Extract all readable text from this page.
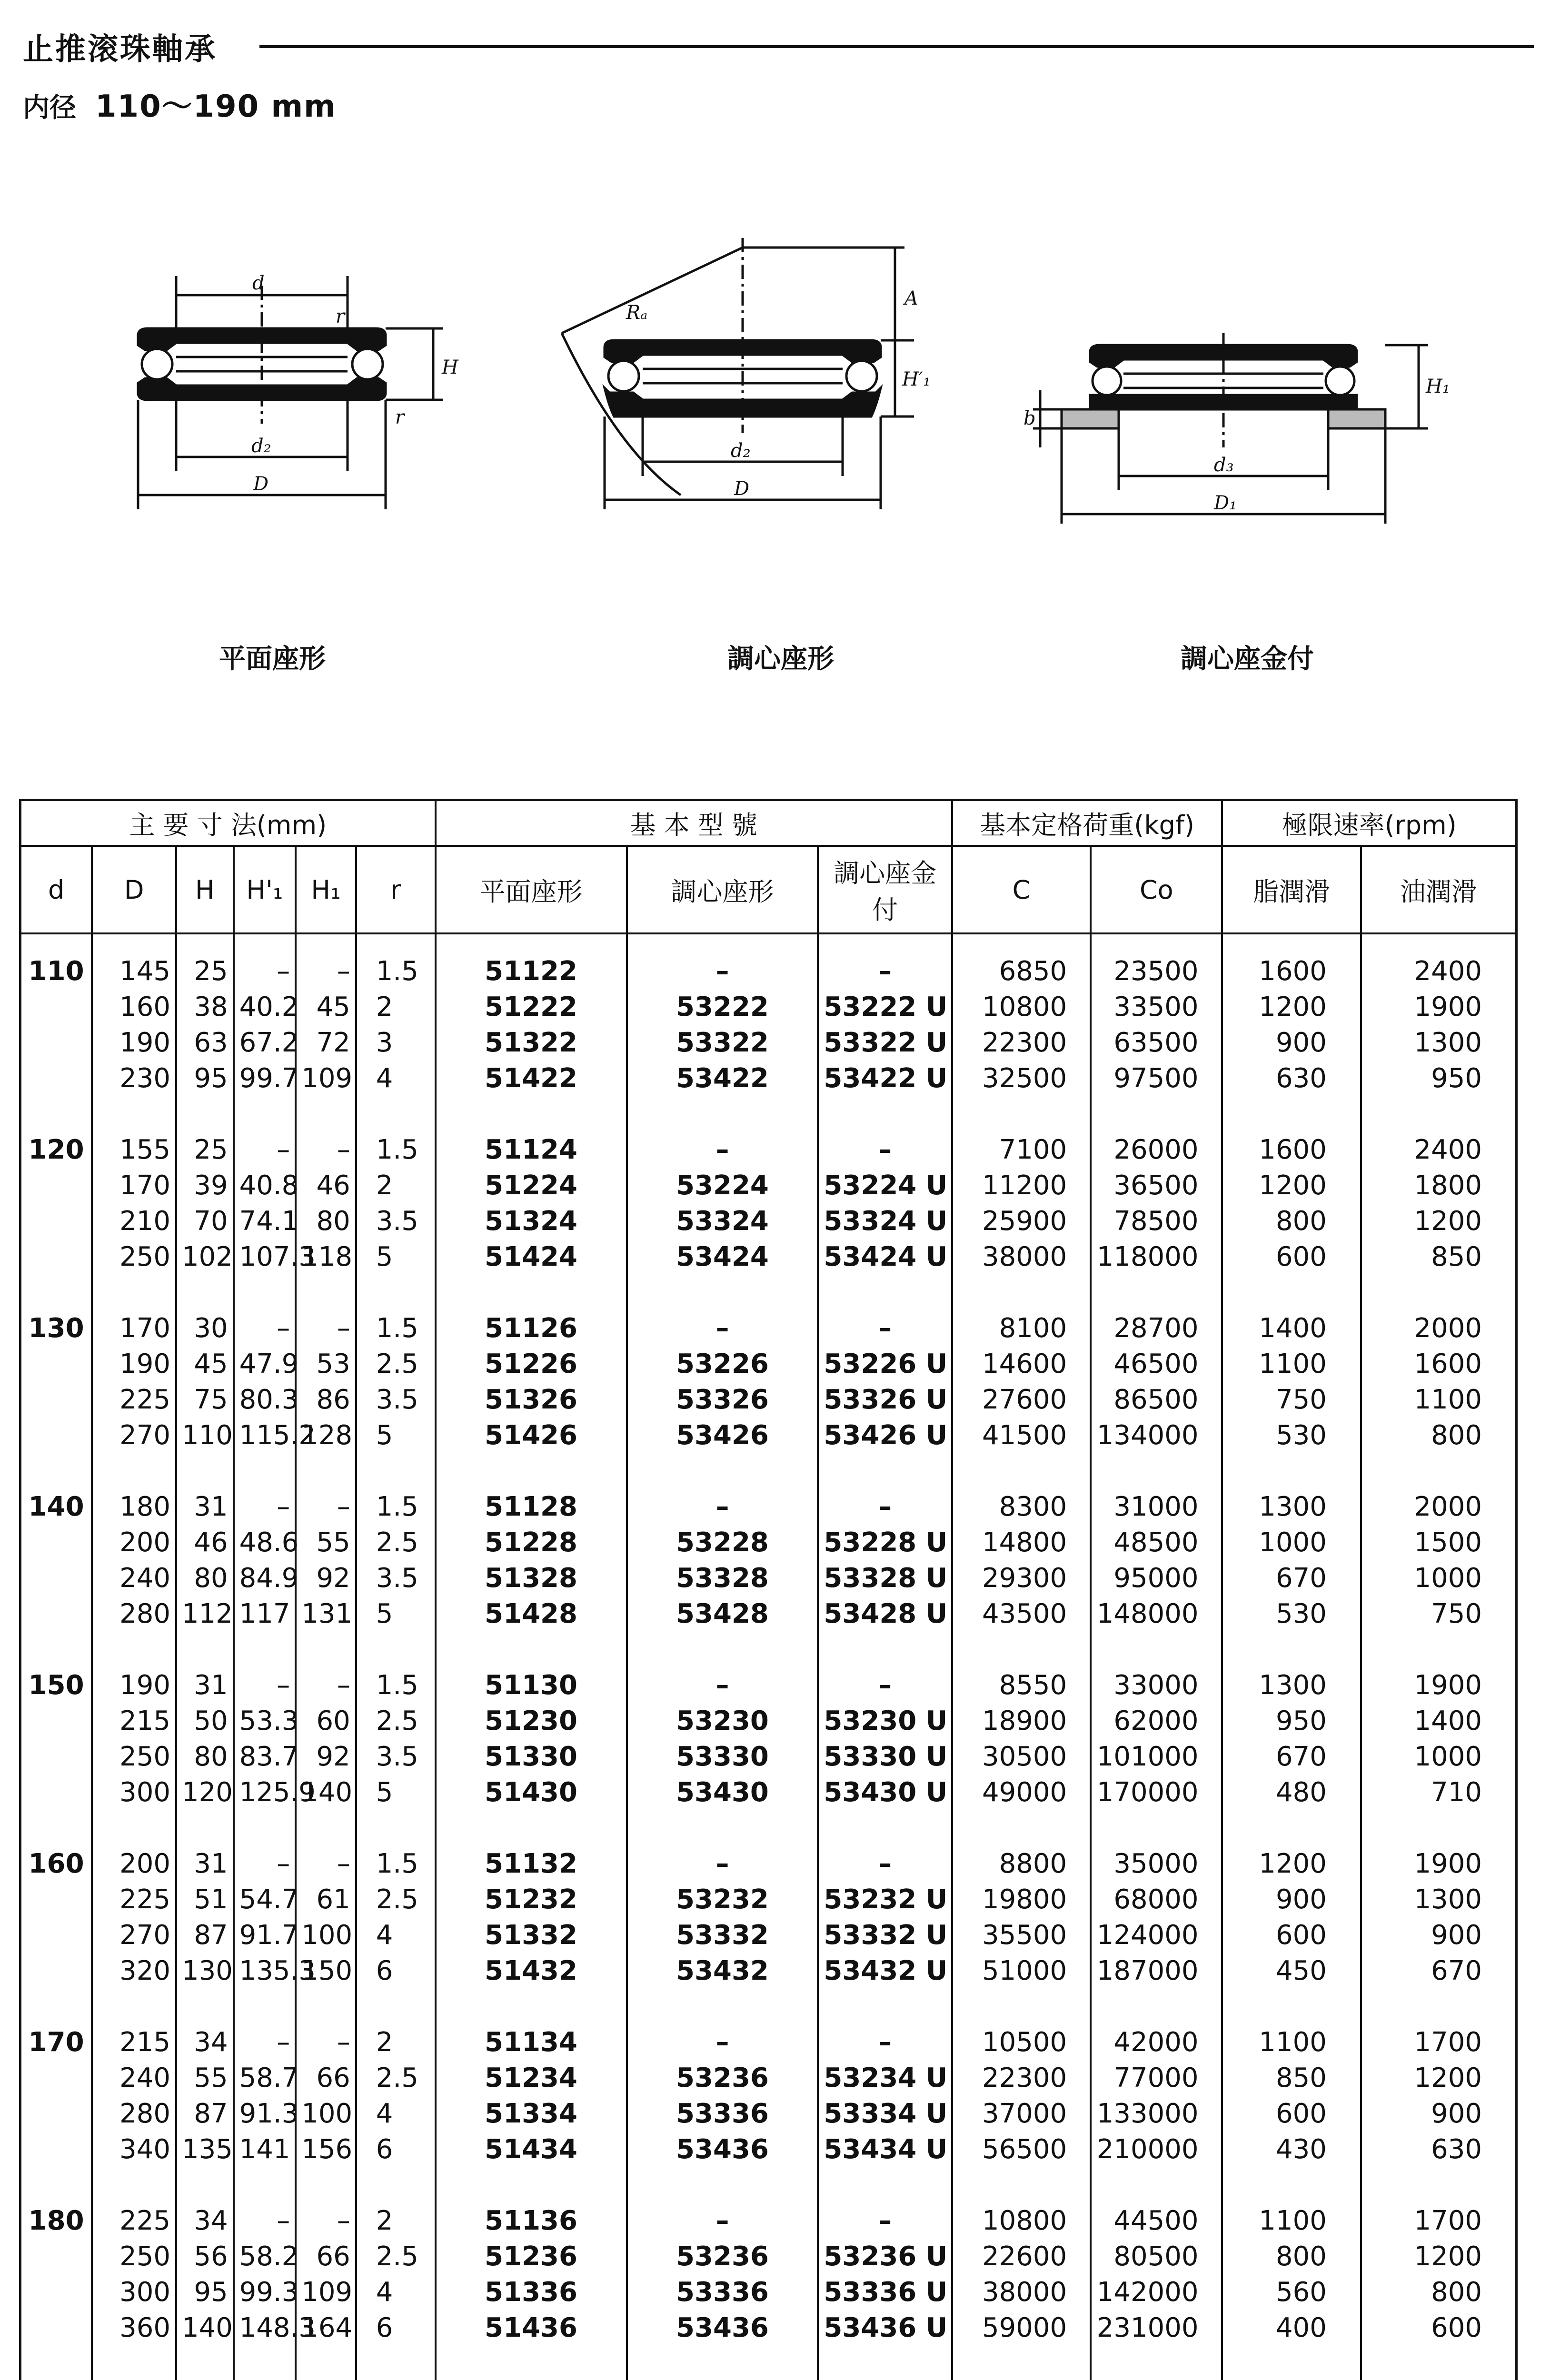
止推滚珠軸承
内径 110～190 mm
d
r
r
H
d₂
D
平面座形
Rₐ
A
H′₁
d₂
D
調心座形
b
H₁
d₃
D₁
調心座金付
主 要 寸 法(mm)						基 本 型 號			基本定格荷重(kgf)		極限速率(rpm)	
d	D	H	H'₁	H₁	r	平面座形	調心座形	調心座金付	C	Co	脂潤滑	油潤滑

110	145	25	–	–	1.5	51122	–	–	6850	23500	1600	2400
	160	38	40.2	45	2	51222	53222	53222 U	10800	33500	1200	1900
	190	63	67.2	72	3	51322	53322	53322 U	22300	63500	900	1300
	230	95	99.7	109	4	51422	53422	53422 U	32500	97500	630	950

120	155	25	–	–	1.5	51124	–	–	7100	26000	1600	2400
	170	39	40.8	46	2	51224	53224	53224 U	11200	36500	1200	1800
	210	70	74.1	80	3.5	51324	53324	53324 U	25900	78500	800	1200
	250	102	107.3	118	5	51424	53424	53424 U	38000	118000	600	850

130	170	30	–	–	1.5	51126	–	–	8100	28700	1400	2000
	190	45	47.9	53	2.5	51226	53226	53226 U	14600	46500	1100	1600
	225	75	80.3	86	3.5	51326	53326	53326 U	27600	86500	750	1100
	270	110	115.2	128	5	51426	53426	53426 U	41500	134000	530	800

140	180	31	–	–	1.5	51128	–	–	8300	31000	1300	2000
	200	46	48.6	55	2.5	51228	53228	53228 U	14800	48500	1000	1500
	240	80	84.9	92	3.5	51328	53328	53328 U	29300	95000	670	1000
	280	112	117	131	5	51428	53428	53428 U	43500	148000	530	750

150	190	31	–	–	1.5	51130	–	–	8550	33000	1300	1900
	215	50	53.3	60	2.5	51230	53230	53230 U	18900	62000	950	1400
	250	80	83.7	92	3.5	51330	53330	53330 U	30500	101000	670	1000
	300	120	125.9	140	5	51430	53430	53430 U	49000	170000	480	710

160	200	31	–	–	1.5	51132	–	–	8800	35000	1200	1900
	225	51	54.7	61	2.5	51232	53232	53232 U	19800	68000	900	1300
	270	87	91.7	100	4	51332	53332	53332 U	35500	124000	600	900
	320	130	135.3	150	6	51432	53432	53432 U	51000	187000	450	670

170	215	34	–	–	2	51134	–	–	10500	42000	1100	1700
	240	55	58.7	66	2.5	51234	53236	53234 U	22300	77000	850	1200
	280	87	91.3	100	4	51334	53336	53334 U	37000	133000	600	900
	340	135	141	156	6	51434	53436	53434 U	56500	210000	430	630

180	225	34	–	–	2	51136	–	–	10800	44500	1100	1700
	250	56	58.2	66	2.5	51236	53236	53236 U	22600	80500	800	1200
	300	95	99.3	109	4	51336	53336	53336 U	38000	142000	560	800
	360	140	148.3	164	6	51436	53436	53436 U	59000	231000	400	600
